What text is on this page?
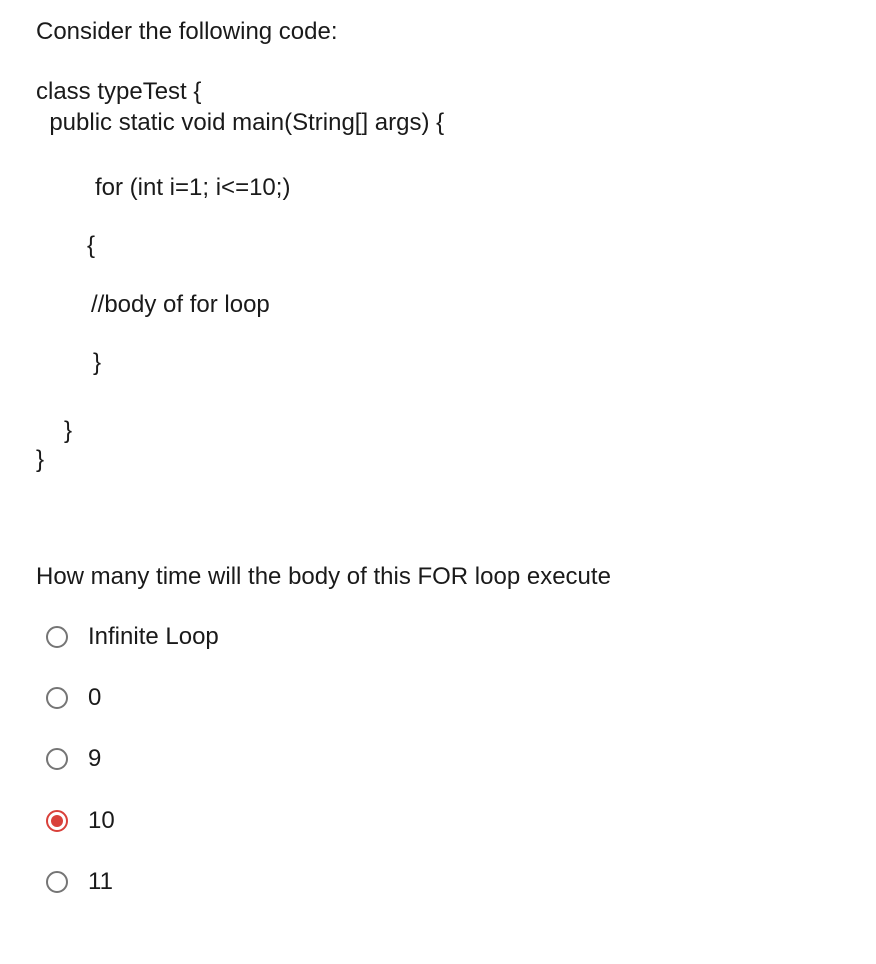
Consider the following code:
class typeTest {
public static void main(String[] args) {
for (int i=1; i<=10;)
{
//body of for loop
}
}
}
How many time will the body of this FOR loop execute
Infinite Loop
0
9
10
11
